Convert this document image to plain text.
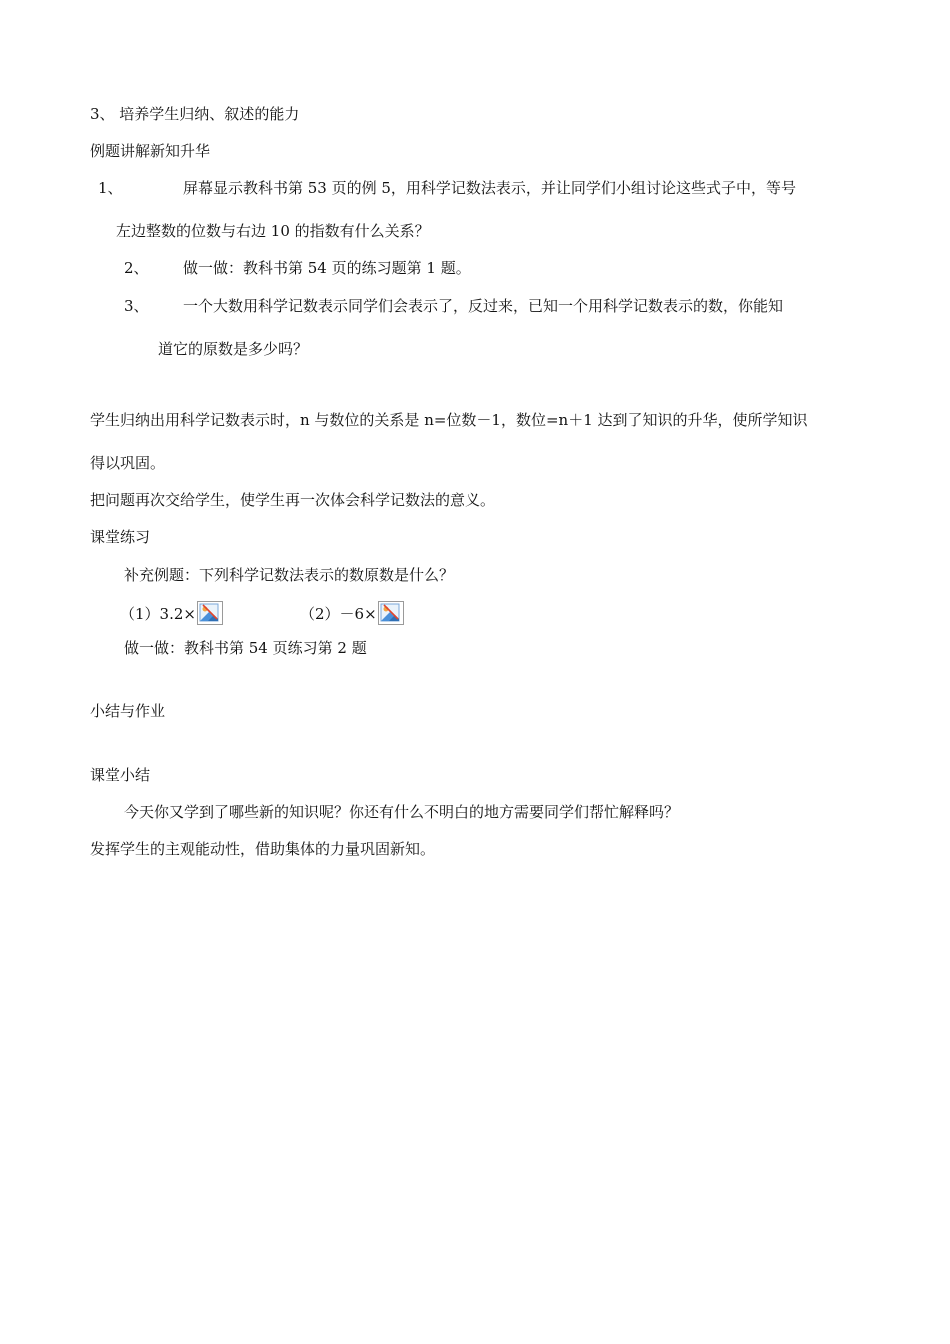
3、 培养学生归纳、叙述的能力
例题讲解新知升华
1、	屏幕显示教科书第 53 页的例 5，用科学记数法表示，并让同学们小组讨论这些式子中，等号
左边整数的位数与右边 10 的指数有什么关系？
2、 做一做：教科书第 54 页的练习题第 1 题。
3、 一个大数用科学记数表示同学们会表示了，反过来，已知一个用科学记数表示的数，你能知
道它的原数是多少吗？
学生归纳出用科学记数表示时，n 与数位的关系是 n=位数－1，数位=n＋1 达到了知识的升华，使所学知识
得以巩固。
把问题再次交给学生，使学生再一次体会科学记数法的意义。
课堂练习
补充例题：下列科学记数法表示的数原数是什么？
（1）3.2×	（2）－6×
做一做：教科书第 54 页练习第 2 题
小结与作业
课堂小结
今天你又学到了哪些新的知识呢？你还有什么不明白的地方需要同学们帮忙解释吗？
发挥学生的主观能动性，借助集体的力量巩固新知。
